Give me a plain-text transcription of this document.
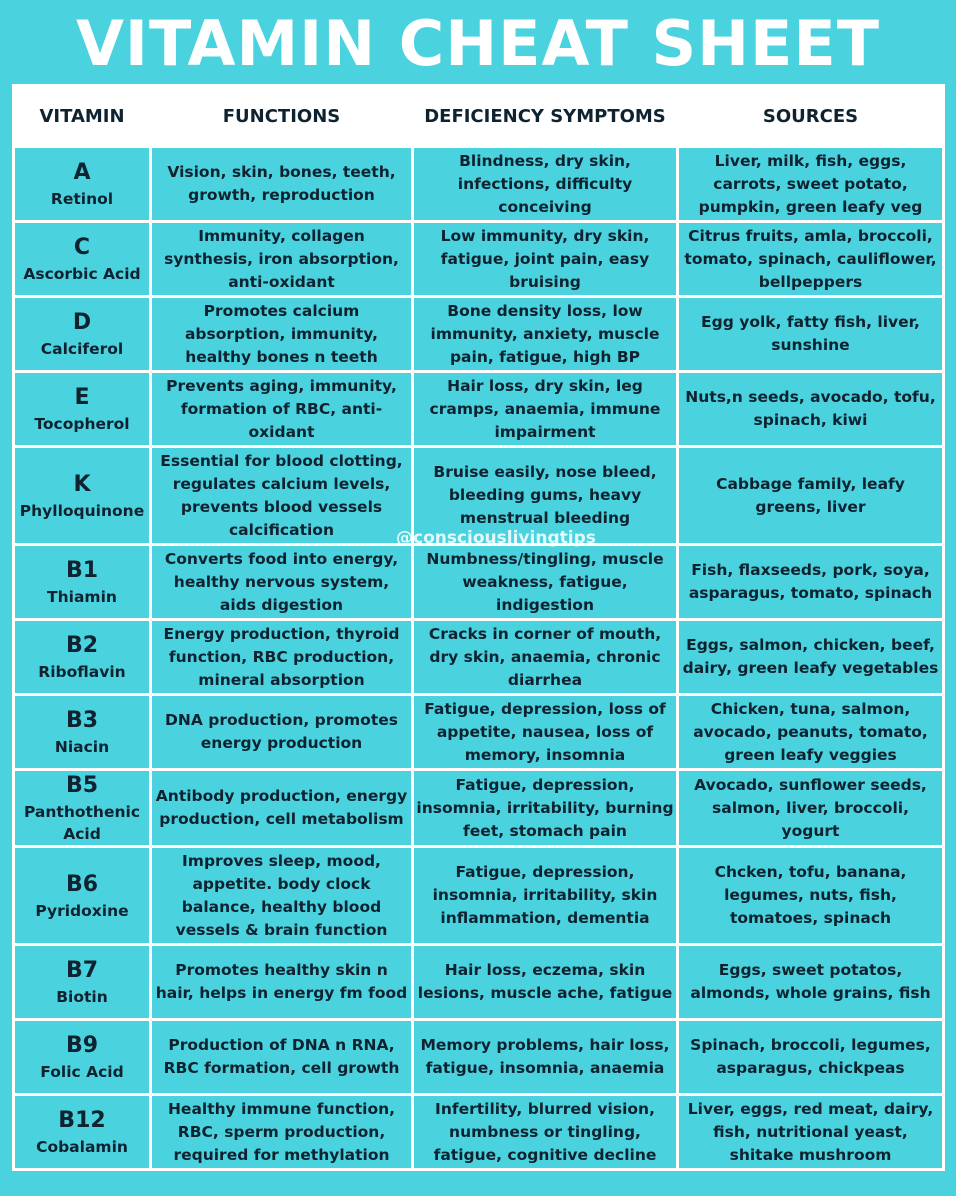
VITAMIN CHEAT SHEET
VITAMIN	FUNCTIONS	DEFICIENCY SYMPTOMS	SOURCES

A
Retinol	Vision, skin, bones, teeth, growth, reproduction	Blindness, dry skin, infections, difficulty conceiving	Liver, milk, fish, eggs, carrots, sweet potato, pumpkin, green leafy veg

C
Ascorbic Acid	Immunity, collagen synthesis, iron absorption, anti-oxidant	Low immunity, dry skin, fatigue, joint pain, easy bruising	Citrus fruits, amla, broccoli, tomato, spinach, cauliflower, bellpeppers

D
Calciferol	Promotes calcium absorption, immunity, healthy bones n teeth	Bone density loss, low immunity, anxiety, muscle pain, fatigue, high BP	Egg yolk, fatty fish, liver, sunshine

E
Tocopherol	Prevents aging, immunity, formation of RBC, anti-oxidant	Hair loss, dry skin, leg cramps, anaemia, immune impairment	Nuts,n seeds, avocado, tofu, spinach, kiwi

K
Phylloquinone	Essential for blood clotting, regulates calcium levels, prevents blood vessels calcification	Bruise easily, nose bleed, bleeding gums, heavy menstrual bleeding	Cabbage family, leafy greens, liver

B1
Thiamin	Converts food into energy, healthy nervous system, aids digestion	Numbness/tingling, muscle weakness, fatigue, indigestion	Fish, flaxseeds, pork, soya, asparagus, tomato, spinach

B2
Riboflavin	Energy production, thyroid function, RBC production, mineral absorption	Cracks in corner of mouth, dry skin, anaemia, chronic diarrhea	Eggs, salmon, chicken, beef, dairy, green leafy vegetables

B3
Niacin	DNA production, promotes energy production	Fatigue, depression, loss of appetite, nausea, loss of memory, insomnia	Chicken, tuna, salmon, avocado, peanuts, tomato, green leafy veggies

B5
Panthothenic Acid	Antibody production, energy production, cell metabolism	Fatigue, depression, insomnia, irritability, burning feet, stomach pain	Avocado, sunflower seeds, salmon, liver, broccoli, yogurt

B6
Pyridoxine	Improves sleep, mood, appetite. body clock balance, healthy blood vessels & brain function	Fatigue, depression, insomnia, irritability, skin inflammation, dementia	Chcken, tofu, banana, legumes, nuts, fish, tomatoes, spinach

B7
Biotin	Promotes healthy skin n hair, helps in energy fm food	Hair loss, eczema, skin lesions, muscle ache, fatigue	Eggs, sweet potatos, almonds, whole grains, fish

B9
Folic Acid	Production of DNA n RNA, RBC formation, cell growth	Memory problems, hair loss, fatigue, insomnia, anaemia	Spinach, broccoli, legumes, asparagus, chickpeas

B12
Cobalamin	Healthy immune function, RBC, sperm production, required for methylation	Infertility, blurred vision, numbness or tingling, fatigue, cognitive decline	Liver, eggs, red meat, dairy, fish, nutritional yeast, shitake mushroom
@consciouslivingtips
